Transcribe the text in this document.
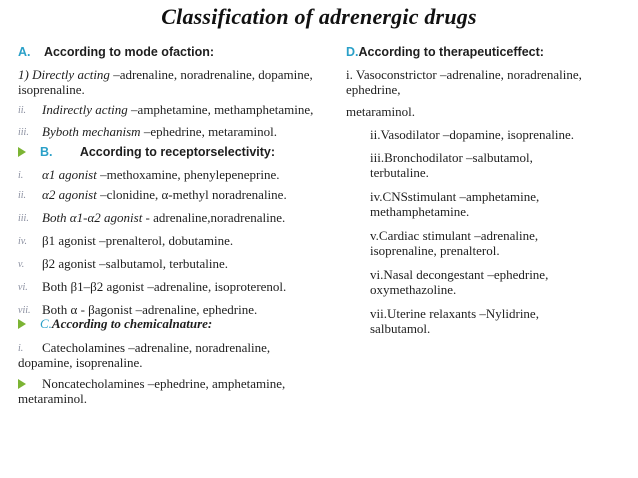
Classification of adrenergic drugs
A. According to mode ofaction:
1) Directly acting –adrenaline, noradrenaline, dopamine,
isoprenaline.
ii. Indirectly acting –amphetamine, methamphetamine,
iii. Byboth mechanism –ephedrine, metaraminol.
B. According to receptorselectivity:
i. α1 agonist –methoxamine, phenylepeneprine.
ii. α2 agonist –clonidine, α-methyl noradrenaline.
iii. Both α1-α2 agonist - adrenaline,noradrenaline.
iv. β1 agonist –prenalterol, dobutamine.
v. β2 agonist –salbutamol, terbutaline.
vi. Both β1–β2 agonist –adrenaline, isoproterenol.
vii. Both α - βagonist –adrenaline, ephedrine.
C.According to chemicalnature:
i. Catecholamines –adrenaline, noradrenaline,
dopamine, isoprenaline.
Noncatecholamines –ephedrine, amphetamine,
metaraminol.
D.According to therapeuticeffect:
i. Vasoconstrictor –adrenaline, noradrenaline,
ephedrine,
metaraminol.
ii.Vasodilator –dopamine, isoprenaline.
iii.Bronchodilator –salbutamol,
terbutaline.
iv.CNSstimulant –amphetamine,
methamphetamine.
v.Cardiac stimulant –adrenaline,
isoprenaline, prenalterol.
vi.Nasal decongestant –ephedrine,
oxymethazoline.
vii.Uterine relaxants –Nylidrine,
salbutamol.
